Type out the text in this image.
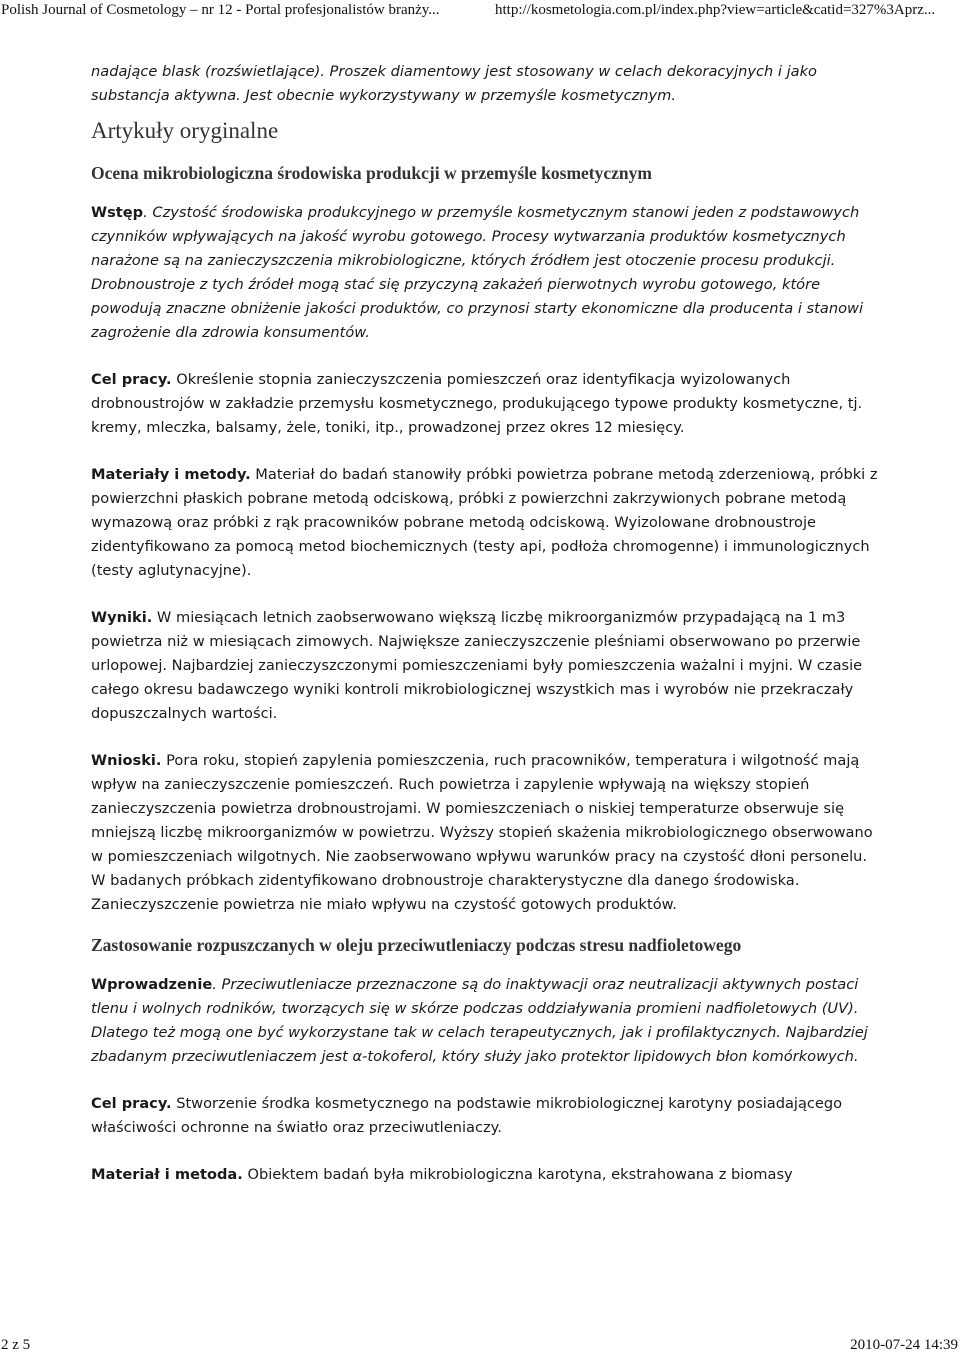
Polish Journal of Cosmetology – nr 12 - Portal profesjonalistów branży...	http://kosmetologia.com.pl/index.php?view=article&catid=327%3Aprz...

nadające blask (rozświetlające). Proszek diamentowy jest stosowany w celach dekoracyjnych i jako substancja aktywna. Jest obecnie wykorzystywany w przemyśle kosmetycznym.

Artykuły oryginalne
Ocena mikrobiologiczna środowiska produkcji w przemyśle kosmetycznym

Wstęp. Czystość środowiska produkcyjnego w przemyśle kosmetycznym stanowi jeden z podstawowych czynników wpływających na jakość wyrobu gotowego. Procesy wytwarzania produktów kosmetycznych narażone są na zanieczyszczenia mikrobiologiczne, których źródłem jest otoczenie procesu produkcji. Drobnoustroje z tych źródeł mogą stać się przyczyną zakażeń pierwotnych wyrobu gotowego, które powodują znaczne obniżenie jakości produktów, co przynosi starty ekonomiczne dla producenta i stanowi zagrożenie dla zdrowia konsumentów.

Cel pracy. Określenie stopnia zanieczyszczenia pomieszczeń oraz identyfikacja wyizolowanych drobnoustrojów w zakładzie przemysłu kosmetycznego, produkującego typowe produkty kosmetyczne, tj. kremy, mleczka, balsamy, żele, toniki, itp., prowadzonej przez okres 12 miesięcy.

Materiały i metody. Materiał do badań stanowiły próbki powietrza pobrane metodą zderzeniową, próbki z powierzchni płaskich pobrane metodą odciskową, próbki z powierzchni zakrzywionych pobrane metodą wymazową oraz próbki z rąk pracowników pobrane metodą odciskową. Wyizolowane drobnoustroje zidentyfikowano za pomocą metod biochemicznych (testy api, podłoża chromogenne) i immunologicznych (testy aglutynacyjne).

Wyniki. W miesiącach letnich zaobserwowano większą liczbę mikroorganizmów przypadającą na 1 m3 powietrza niż w miesiącach zimowych. Największe zanieczyszczenie pleśniami obserwowano po przerwie urlopowej. Najbardziej zanieczyszczonymi pomieszczeniami były pomieszczenia ważalni i myjni. W czasie całego okresu badawczego wyniki kontroli mikrobiologicznej wszystkich mas i wyrobów nie przekraczały dopuszczalnych wartości.

Wnioski. Pora roku, stopień zapylenia pomieszczenia, ruch pracowników, temperatura i wilgotność mają wpływ na zanieczyszczenie pomieszczeń. Ruch powietrza i zapylenie wpływają na większy stopień zanieczyszczenia powietrza drobnoustrojami. W pomieszczeniach o niskiej temperaturze obserwuje się mniejszą liczbę mikroorganizmów w powietrzu. Wyższy stopień skażenia mikrobiologicznego obserwowano w pomieszczeniach wilgotnych. Nie zaobserwowano wpływu warunków pracy na czystość dłoni personelu. W badanych próbkach zidentyfikowano drobnoustroje charakterystyczne dla danego środowiska. Zanieczyszczenie powietrza nie miało wpływu na czystość gotowych produktów.

Zastosowanie rozpuszczanych w oleju przeciwutleniaczy podczas stresu nadfioletowego

Wprowadzenie. Przeciwutleniacze przeznaczone są do inaktywacji oraz neutralizacji aktywnych postaci tlenu i wolnych rodników, tworzących się w skórze podczas oddziaływania promieni nadfioletowych (UV). Dlatego też mogą one być wykorzystane tak w celach terapeutycznych, jak i profilaktycznych. Najbardziej zbadanym przeciwutleniaczem jest α-tokoferol, który służy jako protektor lipidowych błon komórkowych.

Cel pracy. Stworzenie środka kosmetycznego na podstawie mikrobiologicznej karotyny posiadającego właściwości ochronne na światło oraz przeciwutleniaczy.

Materiał i metoda. Obiektem badań była mikrobiologiczna karotyna, ekstrahowana z biomasy

2 z 5	2010-07-24 14:39
